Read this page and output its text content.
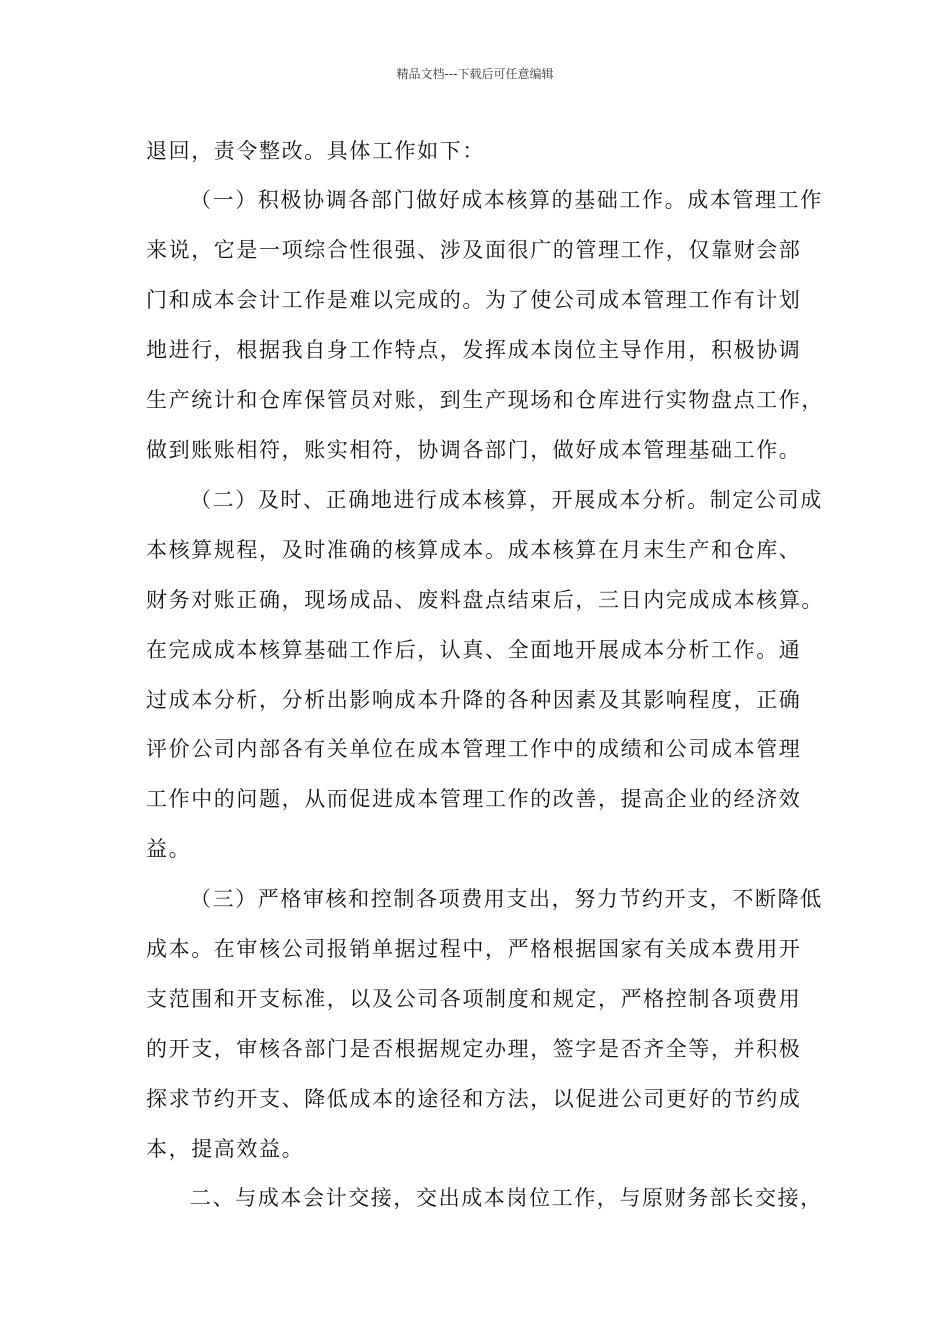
精品文档---下载后可任意编辑
退回，责令整改。具体工作如下：
（一）积极协调各部门做好成本核算的基础工作。成本管理工作
来说，它是一项综合性很强、涉及面很广的管理工作，仅靠财会部
门和成本会计工作是难以完成的。为了使公司成本管理工作有计划
地进行，根据我自身工作特点，发挥成本岗位主导作用，积极协调
生产统计和仓库保管员对账，到生产现场和仓库进行实物盘点工作，
做到账账相符，账实相符，协调各部门，做好成本管理基础工作。
（二）及时、正确地进行成本核算，开展成本分析。制定公司成
本核算规程，及时准确的核算成本。成本核算在月末生产和仓库、
财务对账正确，现场成品、废料盘点结束后，三日内完成成本核算。
在完成成本核算基础工作后，认真、全面地开展成本分析工作。通
过成本分析，分析出影响成本升降的各种因素及其影响程度，正确
评价公司内部各有关单位在成本管理工作中的成绩和公司成本管理
工作中的问题，从而促进成本管理工作的改善，提高企业的经济效
益。
（三）严格审核和控制各项费用支出，努力节约开支，不断降低
成本。在审核公司报销单据过程中，严格根据国家有关成本费用开
支范围和开支标准，以及公司各项制度和规定，严格控制各项费用
的开支，审核各部门是否根据规定办理，签字是否齐全等，并积极
探求节约开支、降低成本的途径和方法，以促进公司更好的节约成
本，提高效益。
二、与成本会计交接，交出成本岗位工作，与原财务部长交接，
